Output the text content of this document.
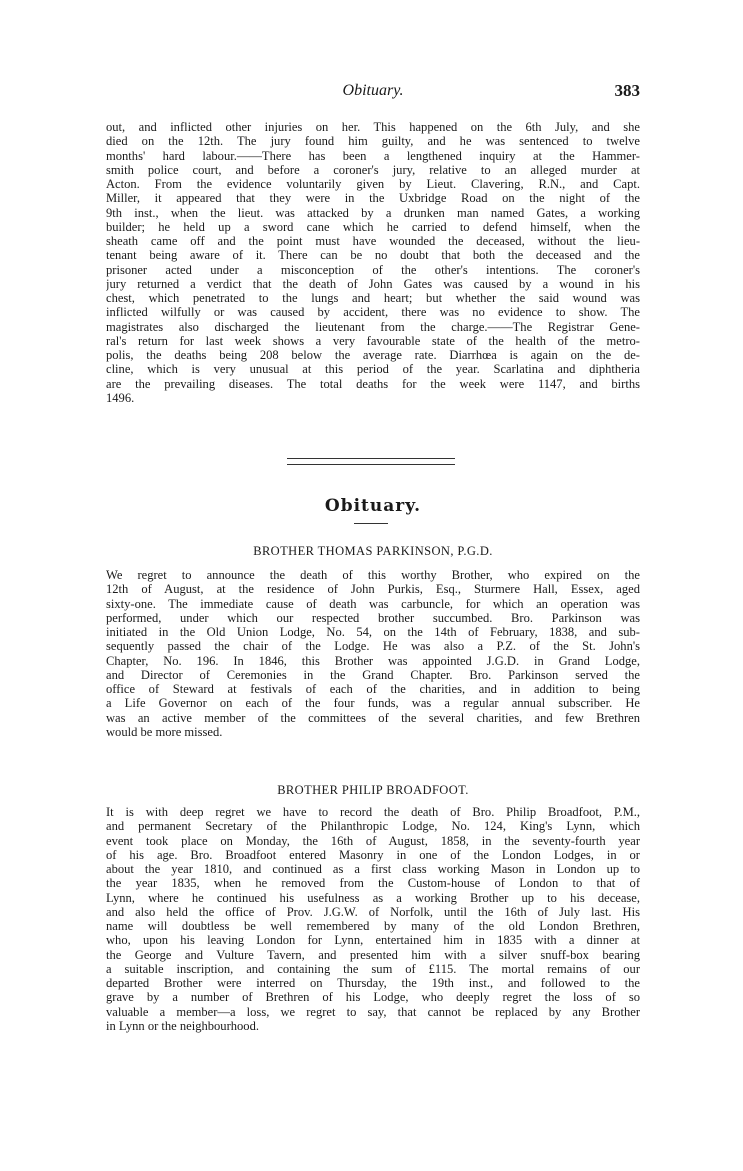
Obituary.	383
out, and inflicted other injuries on her. This happened on the 6th July, and she
died on the 12th. The jury found him guilty, and he was sentenced to twelve
months' hard labour.——There has been a lengthened inquiry at the Hammer-
smith police court, and before a coroner's jury, relative to an alleged murder at
Acton. From the evidence voluntarily given by Lieut. Clavering, R.N., and Capt.
Miller, it appeared that they were in the Uxbridge Road on the night of the
9th inst., when the lieut. was attacked by a drunken man named Gates, a working
builder; he held up a sword cane which he carried to defend himself, when the
sheath came off and the point must have wounded the deceased, without the lieu-
tenant being aware of it. There can be no doubt that both the deceased and the
prisoner acted under a misconception of the other's intentions. The coroner's
jury returned a verdict that the death of John Gates was caused by a wound in his
chest, which penetrated to the lungs and heart; but whether the said wound was
inflicted wilfully or was caused by accident, there was no evidence to show. The
magistrates also discharged the lieutenant from the charge.——The Registrar Gene-
ral's return for last week shows a very favourable state of the health of the metro-
polis, the deaths being 208 below the average rate. Diarrhœa is again on the de-
cline, which is very unusual at this period of the year. Scarlatina and diphtheria
are the prevailing diseases. The total deaths for the week were 1147, and births
1496.
Obituary.
BROTHER THOMAS PARKINSON, P.G.D.
We regret to announce the death of this worthy Brother, who expired on the
12th of August, at the residence of John Purkis, Esq., Sturmere Hall, Essex, aged
sixty-one. The immediate cause of death was carbuncle, for which an operation was
performed, under which our respected brother succumbed. Bro. Parkinson was
initiated in the Old Union Lodge, No. 54, on the 14th of February, 1838, and sub-
sequently passed the chair of the Lodge. He was also a P.Z. of the St. John's
Chapter, No. 196. In 1846, this Brother was appointed J.G.D. in Grand Lodge,
and Director of Ceremonies in the Grand Chapter. Bro. Parkinson served the
office of Steward at festivals of each of the charities, and in addition to being
a Life Governor on each of the four funds, was a regular annual subscriber. He
was an active member of the committees of the several charities, and few Brethren
would be more missed.
BROTHER PHILIP BROADFOOT.
It is with deep regret we have to record the death of Bro. Philip Broadfoot, P.M.,
and permanent Secretary of the Philanthropic Lodge, No. 124, King's Lynn, which
event took place on Monday, the 16th of August, 1858, in the seventy-fourth year
of his age. Bro. Broadfoot entered Masonry in one of the London Lodges, in or
about the year 1810, and continued as a first class working Mason in London up to
the year 1835, when he removed from the Custom-house of London to that of
Lynn, where he continued his usefulness as a working Brother up to his decease,
and also held the office of Prov. J.G.W. of Norfolk, until the 16th of July last. His
name will doubtless be well remembered by many of the old London Brethren,
who, upon his leaving London for Lynn, entertained him in 1835 with a dinner at
the George and Vulture Tavern, and presented him with a silver snuff-box bearing
a suitable inscription, and containing the sum of £115. The mortal remains of our
departed Brother were interred on Thursday, the 19th inst., and followed to the
grave by a number of Brethren of his Lodge, who deeply regret the loss of so
valuable a member—a loss, we regret to say, that cannot be replaced by any Brother
in Lynn or the neighbourhood.
